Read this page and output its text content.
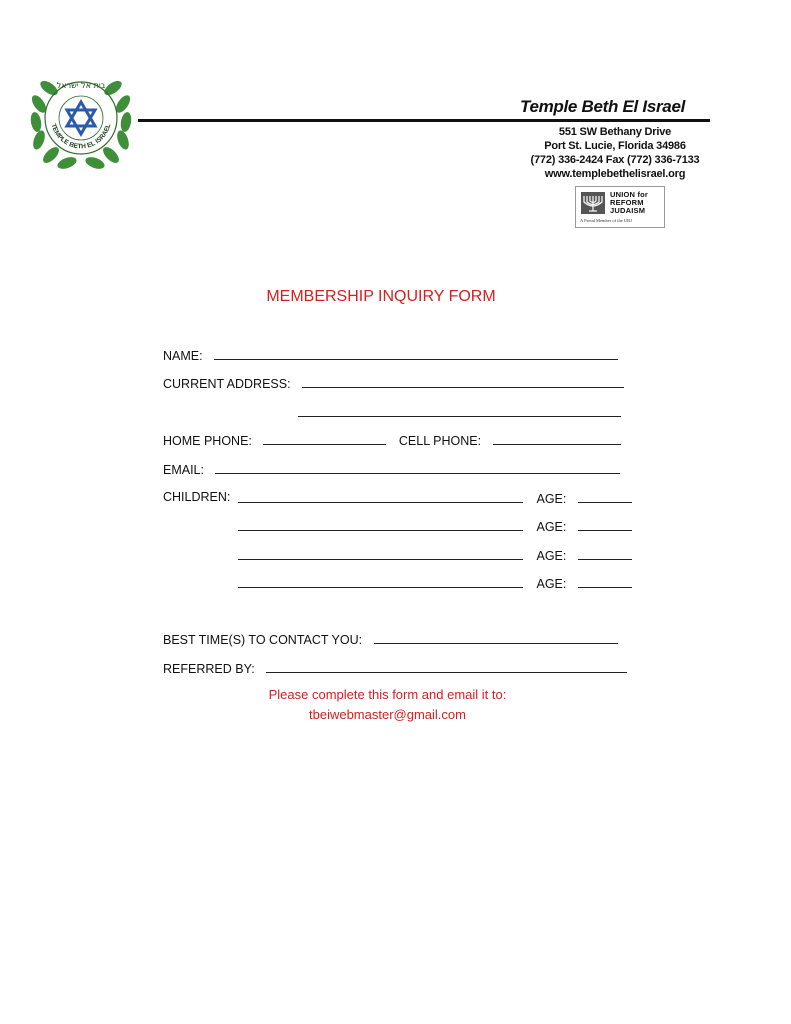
TEMPLE BETH EL ISRAEL
בית אל ישראל
Temple Beth El Israel
551 SW Bethany Drive
Port St. Lucie, Florida 34986
(772) 336-2424 Fax (772) 336-7133
www.templebethelisrael.org
UNION for
REFORM
JUDAISM
A Proud Member of the URJ
MEMBERSHIP INQUIRY FORM
NAME:
CURRENT ADDRESS:
HOME PHONE:	CELL PHONE:
EMAIL:
CHILDREN:	AGE:
AGE:
AGE:
AGE:
BEST TIME(S) TO CONTACT YOU:
REFERRED BY:
Please complete this form and email it to:
tbeiwebmaster@gmail.com
